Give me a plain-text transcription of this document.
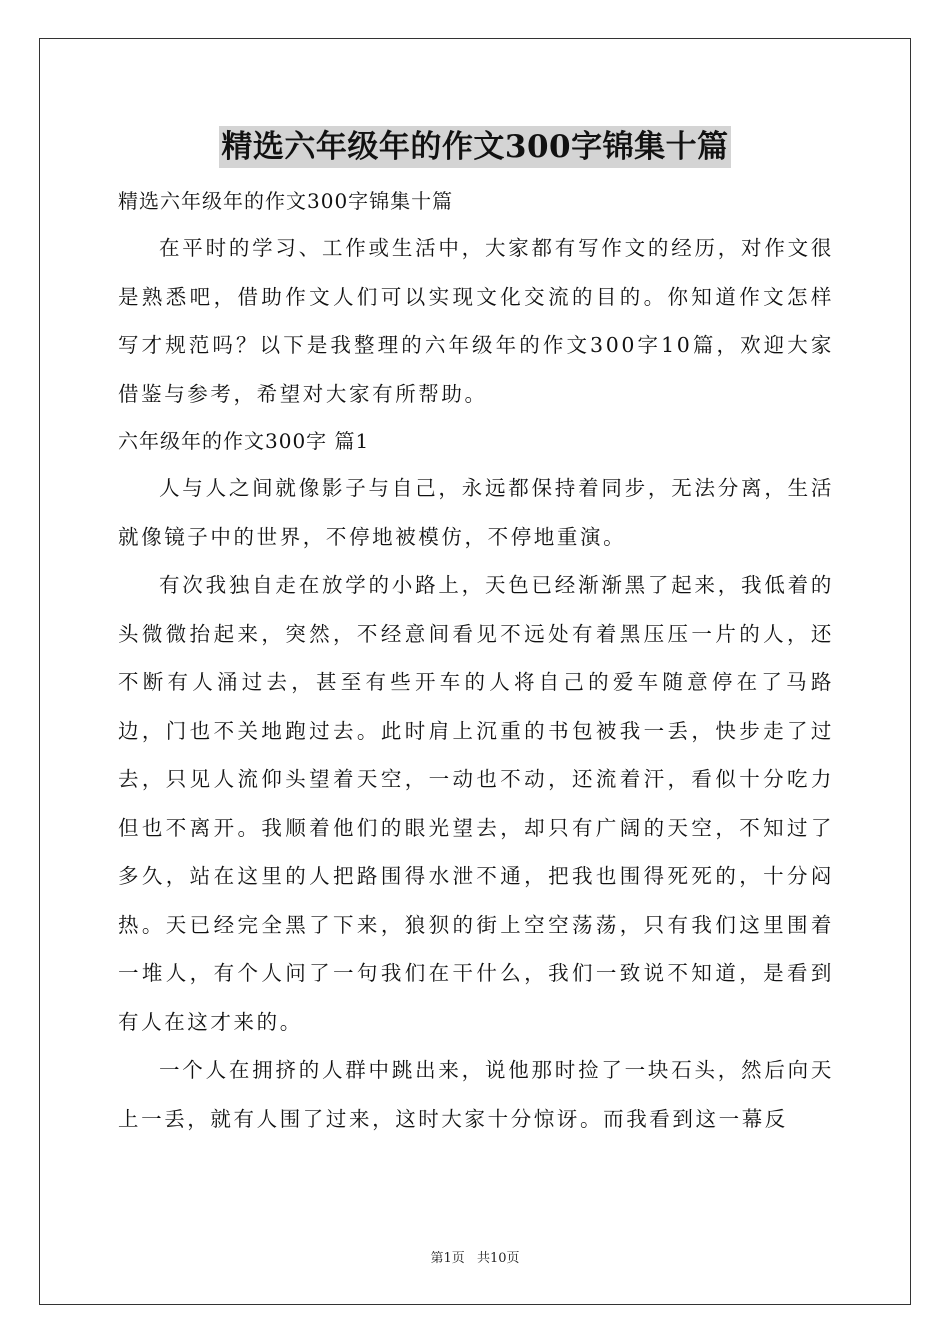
精选六年级年的作文300字锦集十篇

精选六年级年的作文300字锦集十篇

在平时的学习、工作或生活中，大家都有写作文的经历，对作文很是熟悉吧，借助作文人们可以实现文化交流的目的。你知道作文怎样写才规范吗？以下是我整理的六年级年的作文300字10篇，欢迎大家借鉴与参考，希望对大家有所帮助。

六年级年的作文300字 篇1

人与人之间就像影子与自己，永远都保持着同步，无法分离，生活就像镜子中的世界，不停地被模仿，不停地重演。

有次我独自走在放学的小路上，天色已经渐渐黑了起来，我低着的头微微抬起来，突然，不经意间看见不远处有着黑压压一片的人，还不断有人涌过去，甚至有些开车的人将自己的爱车随意停在了马路边，门也不关地跑过去。此时肩上沉重的书包被我一丢，快步走了过去，只见人流仰头望着天空，一动也不动，还流着汗，看似十分吃力但也不离开。我顺着他们的眼光望去，却只有广阔的天空，不知过了多久，站在这里的人把路围得水泄不通，把我也围得死死的，十分闷热。天已经完全黑了下来，狼狈的街上空空荡荡，只有我们这里围着一堆人，有个人问了一句我们在干什么，我们一致说不知道，是看到有人在这才来的。

一个人在拥挤的人群中跳出来，说他那时捡了一块石头，然后向天上一丢，就有人围了过来，这时大家十分惊讶。而我看到这一幕反

第1页 共10页
